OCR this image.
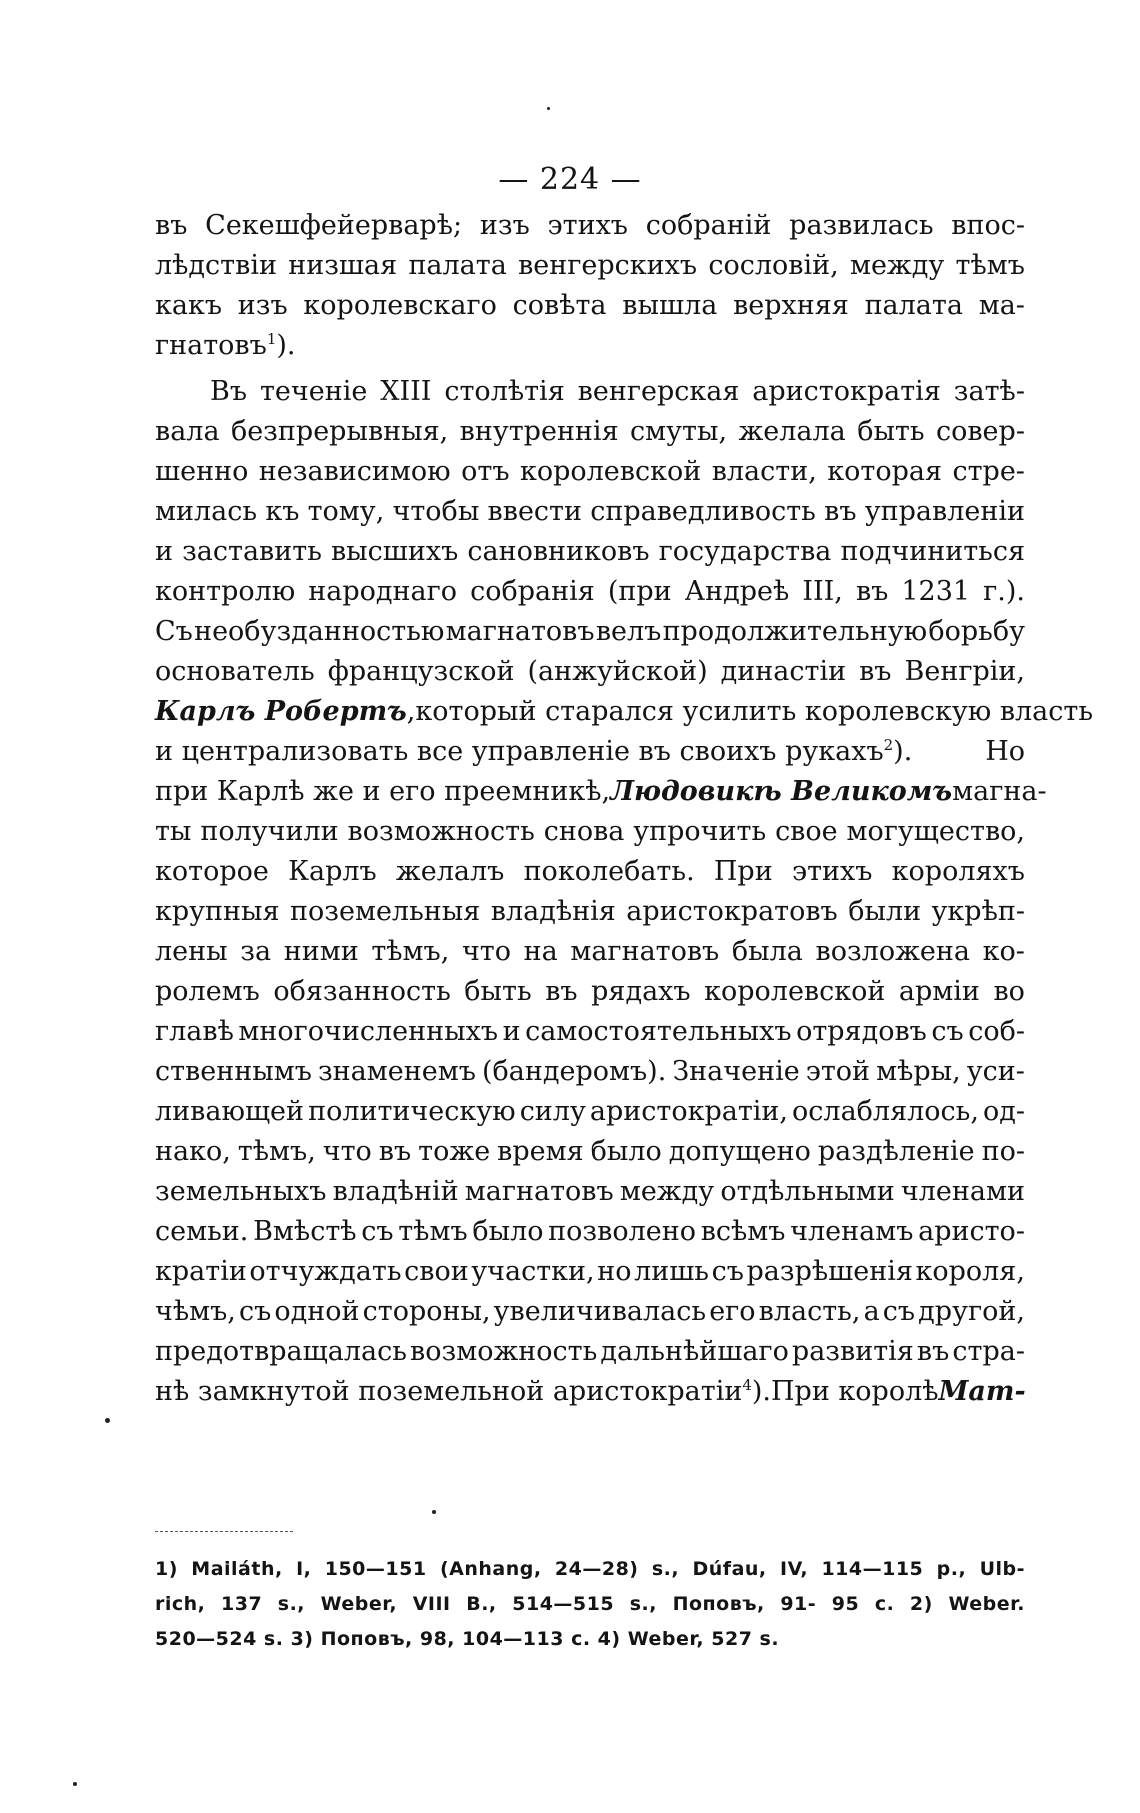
— 224 —
въ Секешфейерварѣ; изъ этихъ собраній развилась впос-
лѣдствіи низшая палата венгерскихъ сословій, между тѣмъ
какъ изъ королевскаго совѣта вышла верхняя палата ма-
гнатовъ$^1$).
Въ теченіе XIII столѣтія венгерская аристократія затѣ-
вала безпрерывныя, внутреннія смуты, желала быть совер-
шенно независимою отъ королевской власти, которая стре-
милась къ тому, чтобы ввести справедливость въ управленіи
и заставить высшихъ сановниковъ государства подчиниться
контролю народнаго собранія (при Андреѣ III, въ 1231 г.).
Съ необузданностью магнатовъ велъ продолжительную борьбу
основатель французской (анжуйской) династіи въ Венгріи,
Карлъ Робертъ, который старался усилить королевскую власть
и централизовать все управленіе въ своихъ рукахъ$^2$).	Но
при Карлѣ же и его преемникѣ, Людовикѣ Великомъ магна-
ты получили возможность снова упрочить свое могущество,
которое Карлъ желалъ поколебать. При этихъ короляхъ
крупныя поземельныя владѣнія аристократовъ были укрѣп-
лены за ними тѣмъ, что на магнатовъ была возложена ко-
ролемъ обязанность быть въ рядахъ королевской арміи во
главѣ многочисленныхъ и самостоятельныхъ отрядовъ съ соб-
ственнымъ знаменемъ (бандеромъ). Значеніе этой мѣры, уси-
ливающей политическую силу аристократіи, ослаблялось, од-
нако, тѣмъ, что въ тоже время было допущено раздѣленіе по-
земельныхъ владѣній магнатовъ между отдѣльными членами
семьи. Вмѣстѣ съ тѣмъ было позволено всѣмъ членамъ аристо-
кратіи отчуждать свои участки, но лишь съ разрѣшенія короля,
чѣмъ, съ одной стороны, увеличивалась его власть, а съ другой,
предотвращалась возможность дальнѣйшаго развитія въ стра-
нѣ замкнутой поземельной аристократіи$^4$). При королѣ Мат-
1) Mailáth, I, 150—151 (Anhang, 24—28) s., Dúfau, IV, 114—115 p., Ulb-
rich, 137 s., Weber, VIII B., 514—515 s., Поповъ, 91- 95 c. 2) Weber.
520—524 s. 3) Поповъ, 98, 104—113 с. 4) Weber, 527 s.
